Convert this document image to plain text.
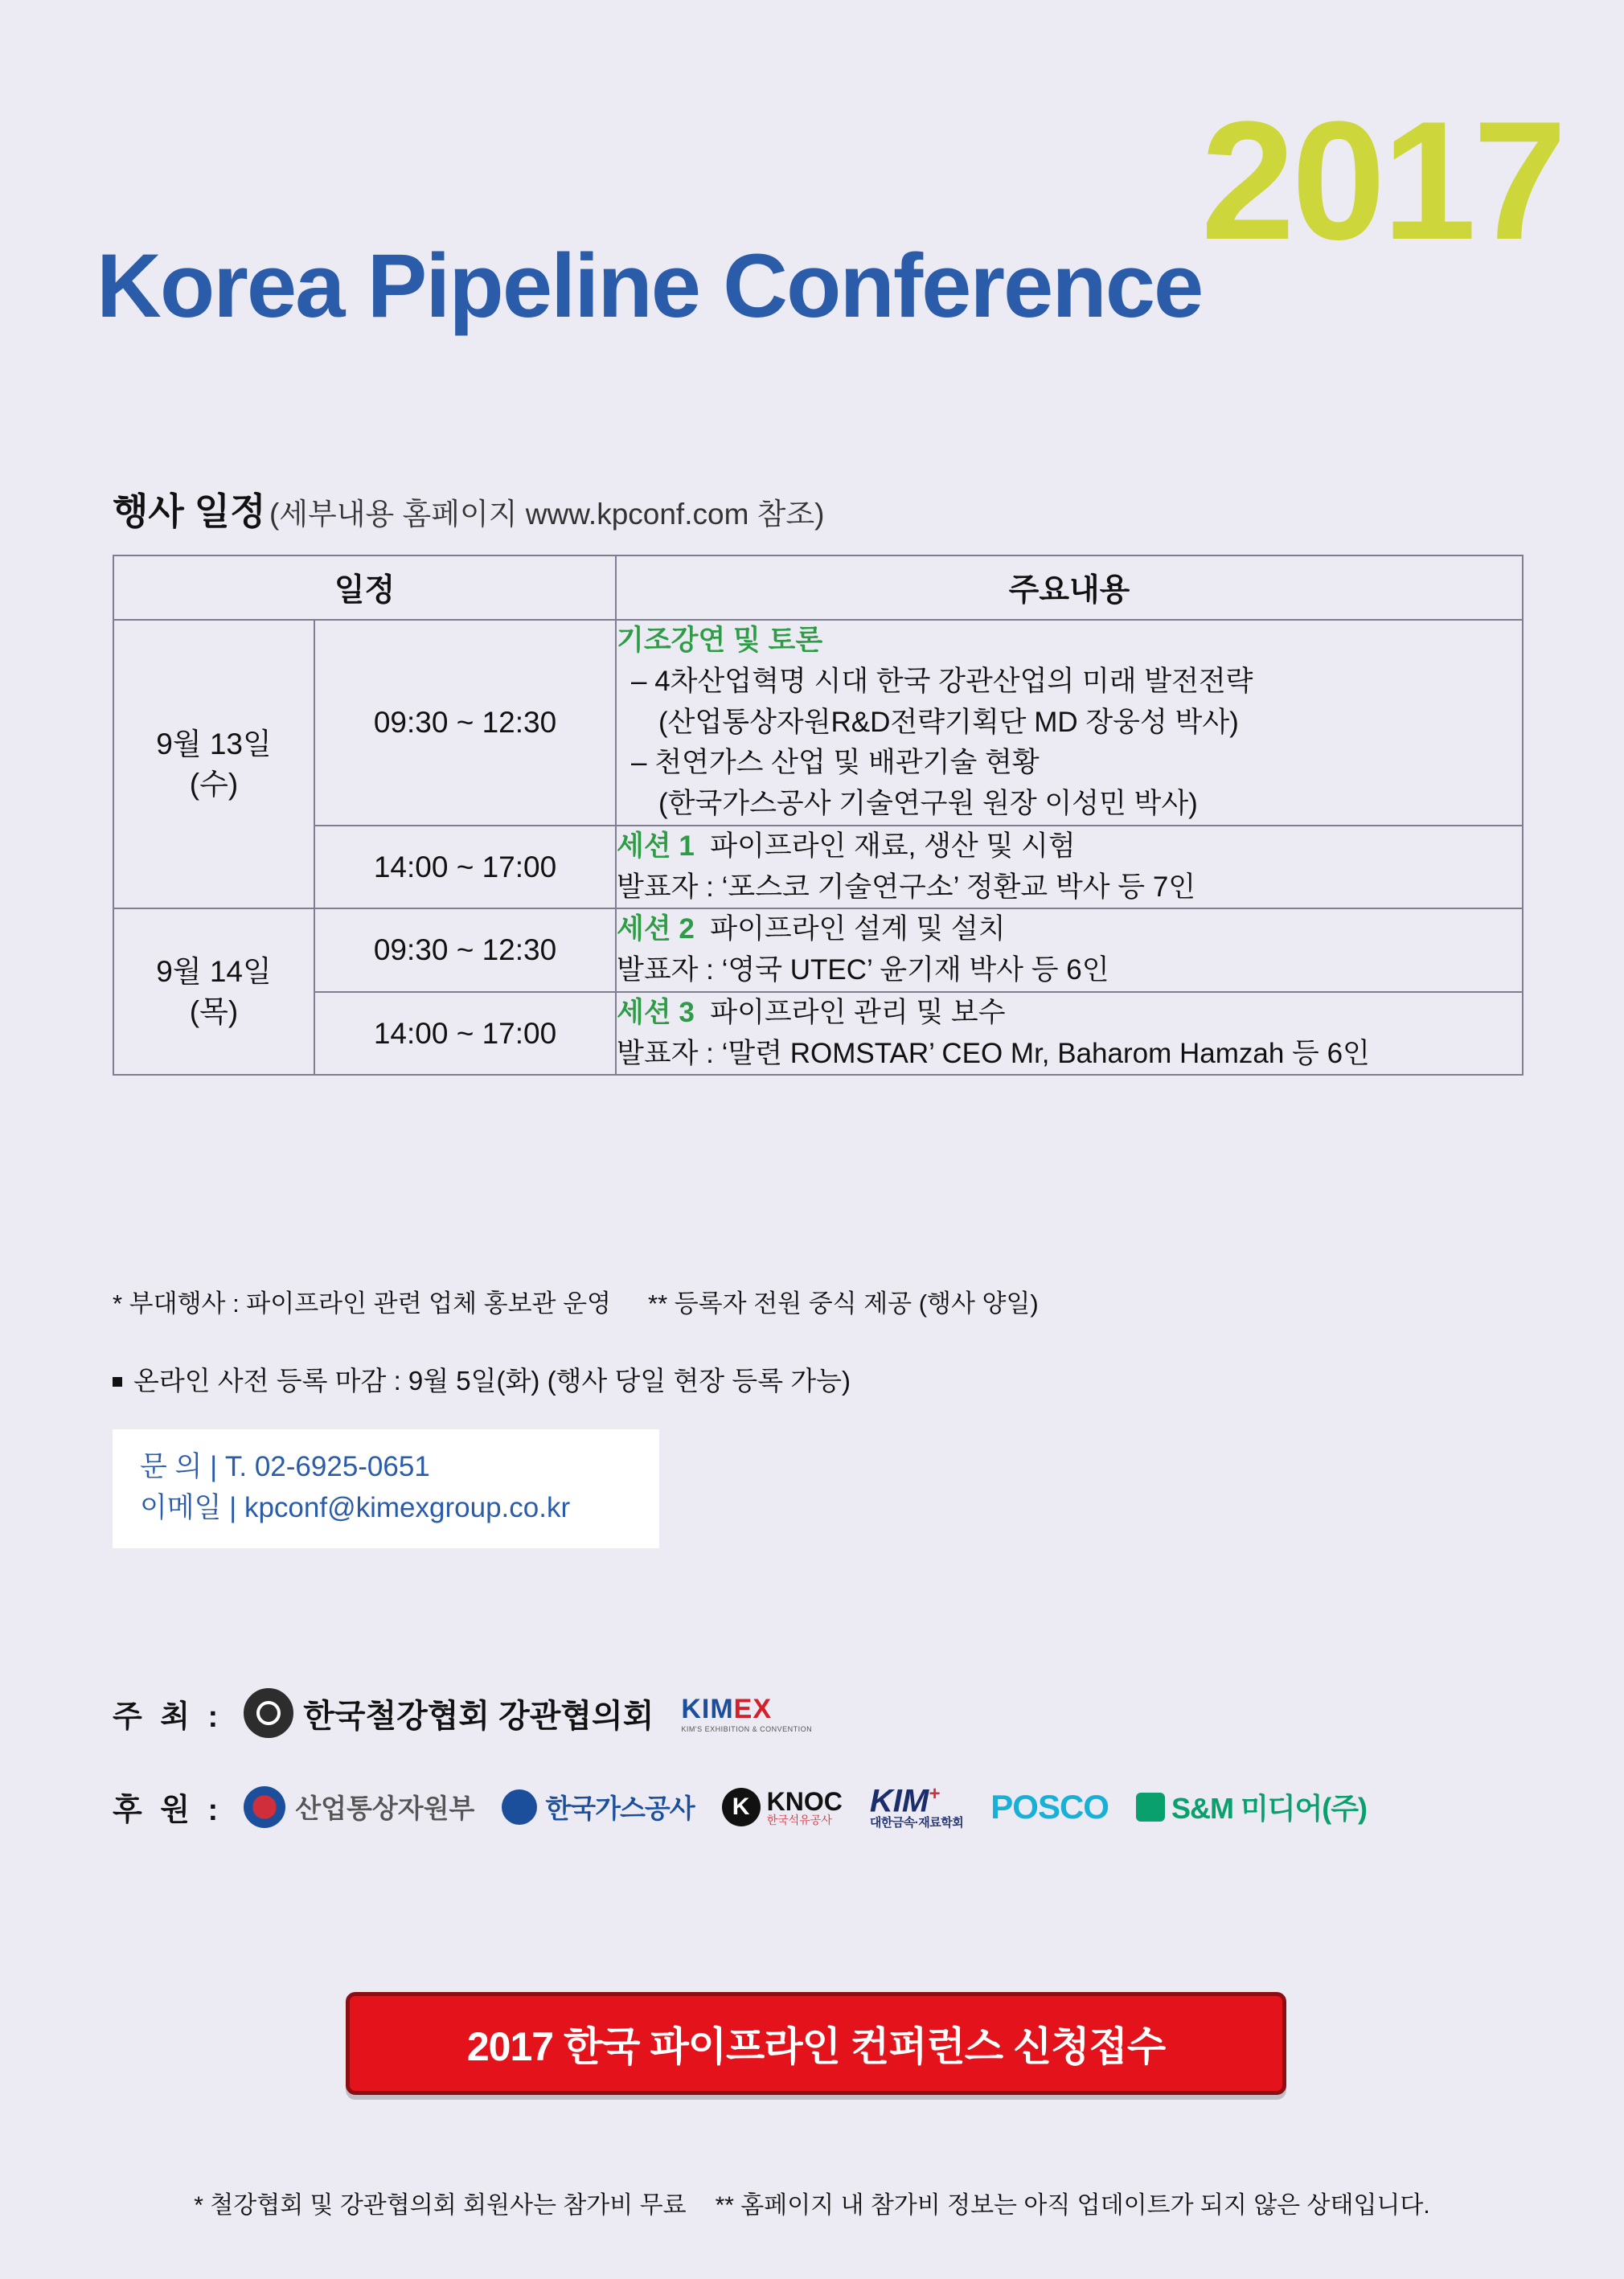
2017
Korea Pipeline Conference
행사 일정 (세부내용 홈페이지 www.kpconf.com 참조)
일정		주요내용

9월 13일
(수)	09:30 ~ 12:30	기조강연 및 토론
– 4차산업혁명 시대 한국 강관산업의 미래 발전전략
(산업통상자원R&D전략기획단 MD 장웅성 박사)
– 천연가스 산업 및 배관기술 현황
(한국가스공사 기술연구원 원장 이성민 박사)

	14:00 ~ 17:00	세션 1 파이프라인 재료, 생산 및 시험
발표자 : ‘포스코 기술연구소’ 정환교 박사 등 7인

9월 14일
(목)	09:30 ~ 12:30	세션 2 파이프라인 설계 및 설치
발표자 : ‘영국 UTEC’ 윤기재 박사 등 6인

	14:00 ~ 17:00	세션 3 파이프라인 관리 및 보수
발표자 : ‘말련 ROMSTAR’ CEO Mr, Baharom Hamzah 등 6인
* 부대행사 : 파이프라인 관련 업체 홍보관 운영 ** 등록자 전원 중식 제공 (행사 양일)
온라인 사전 등록 마감 : 9월 5일(화) (행사 당일 현장 등록 가능)
문 의 | T. 02-6925-0651
이메일 | kpconf@kimexgroup.co.kr
주 최 :	한국철강협회 강관협의회 KIMEX
KIM'S EXHIBITION & CONVENTION
후 원 :	산업통상자원부	한국가스공사	K KNOC
한국석유공사
KIM+
대한금속·재료학회 POSCO S&M 미디어(주)
2017 한국 파이프라인 컨퍼런스 신청접수
* 철강협회 및 강관협의회 회원사는 참가비 무료 ** 홈페이지 내 참가비 정보는 아직 업데이트가 되지 않은 상태입니다.
